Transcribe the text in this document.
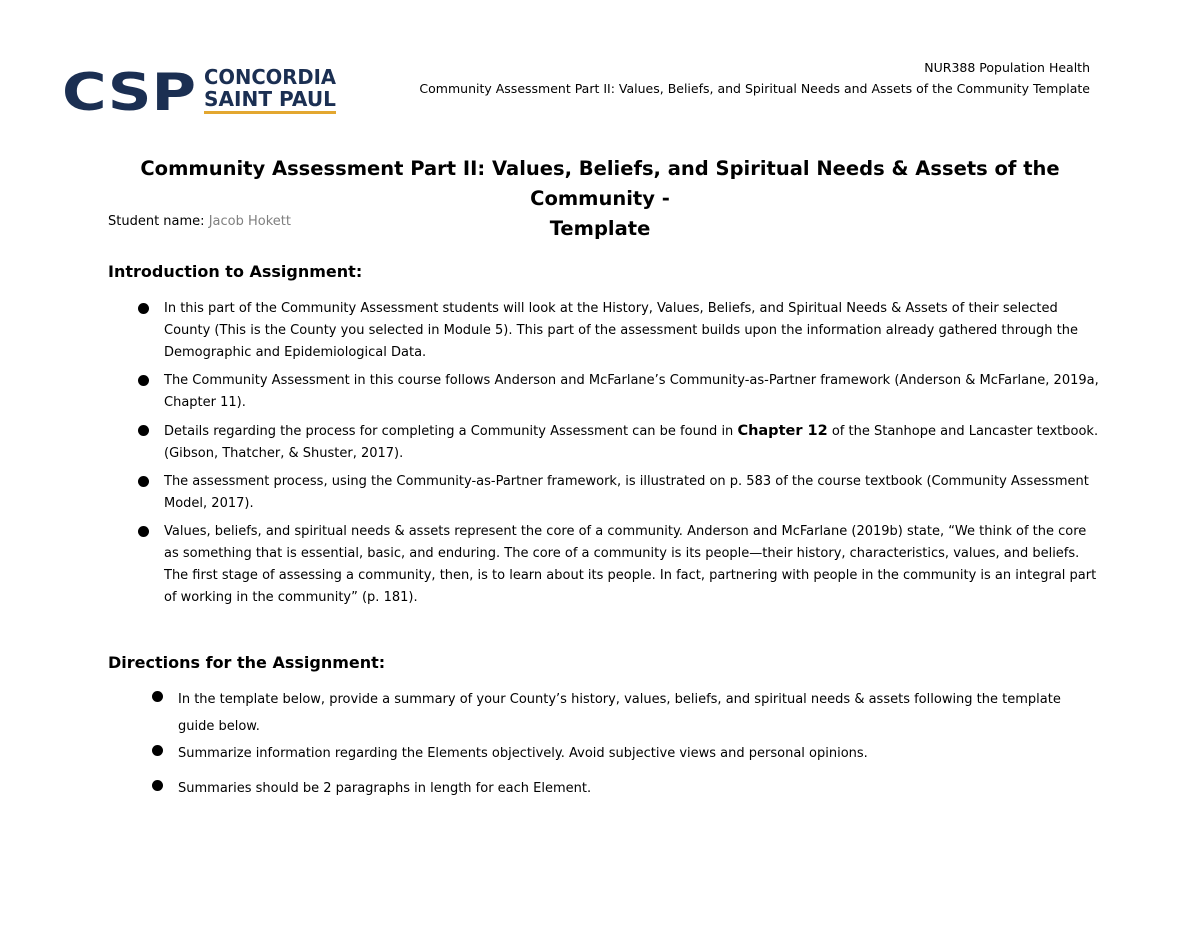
CSP CONCORDIA
SAINT PAUL
NUR388 Population Health
Community Assessment Part II: Values, Beliefs, and Spiritual Needs and Assets of the Community Template
Community Assessment Part II: Values, Beliefs, and Spiritual Needs & Assets of the Community -
Template
Student name: Jacob Hokett
Introduction to Assignment:
In this part of the Community Assessment students will look at the History, Values, Beliefs, and Spiritual Needs & Assets of their selected County (This is the County you selected in Module 5). This part of the assessment builds upon the information already gathered through the Demographic and Epidemiological Data.
The Community Assessment in this course follows Anderson and McFarlane’s Community-as-Partner framework (Anderson & McFarlane, 2019a, Chapter 11).
Details regarding the process for completing a Community Assessment can be found in Chapter 12 of the Stanhope and Lancaster textbook. (Gibson, Thatcher, & Shuster, 2017).
The assessment process, using the Community-as-Partner framework, is illustrated on p. 583 of the course textbook (Community Assessment Model, 2017).
Values, beliefs, and spiritual needs & assets represent the core of a community. Anderson and McFarlane (2019b) state, “We think of the core as something that is essential, basic, and enduring. The core of a community is its people—their history, characteristics, values, and beliefs. The first stage of assessing a community, then, is to learn about its people. In fact, partnering with people in the community is an integral part of working in the community” (p. 181).
Directions for the Assignment:
In the template below, provide a summary of your County’s history, values, beliefs, and spiritual needs & assets following the template guide below.
Summarize information regarding the Elements objectively. Avoid subjective views and personal opinions.
Summaries should be 2 paragraphs in length for each Element.
